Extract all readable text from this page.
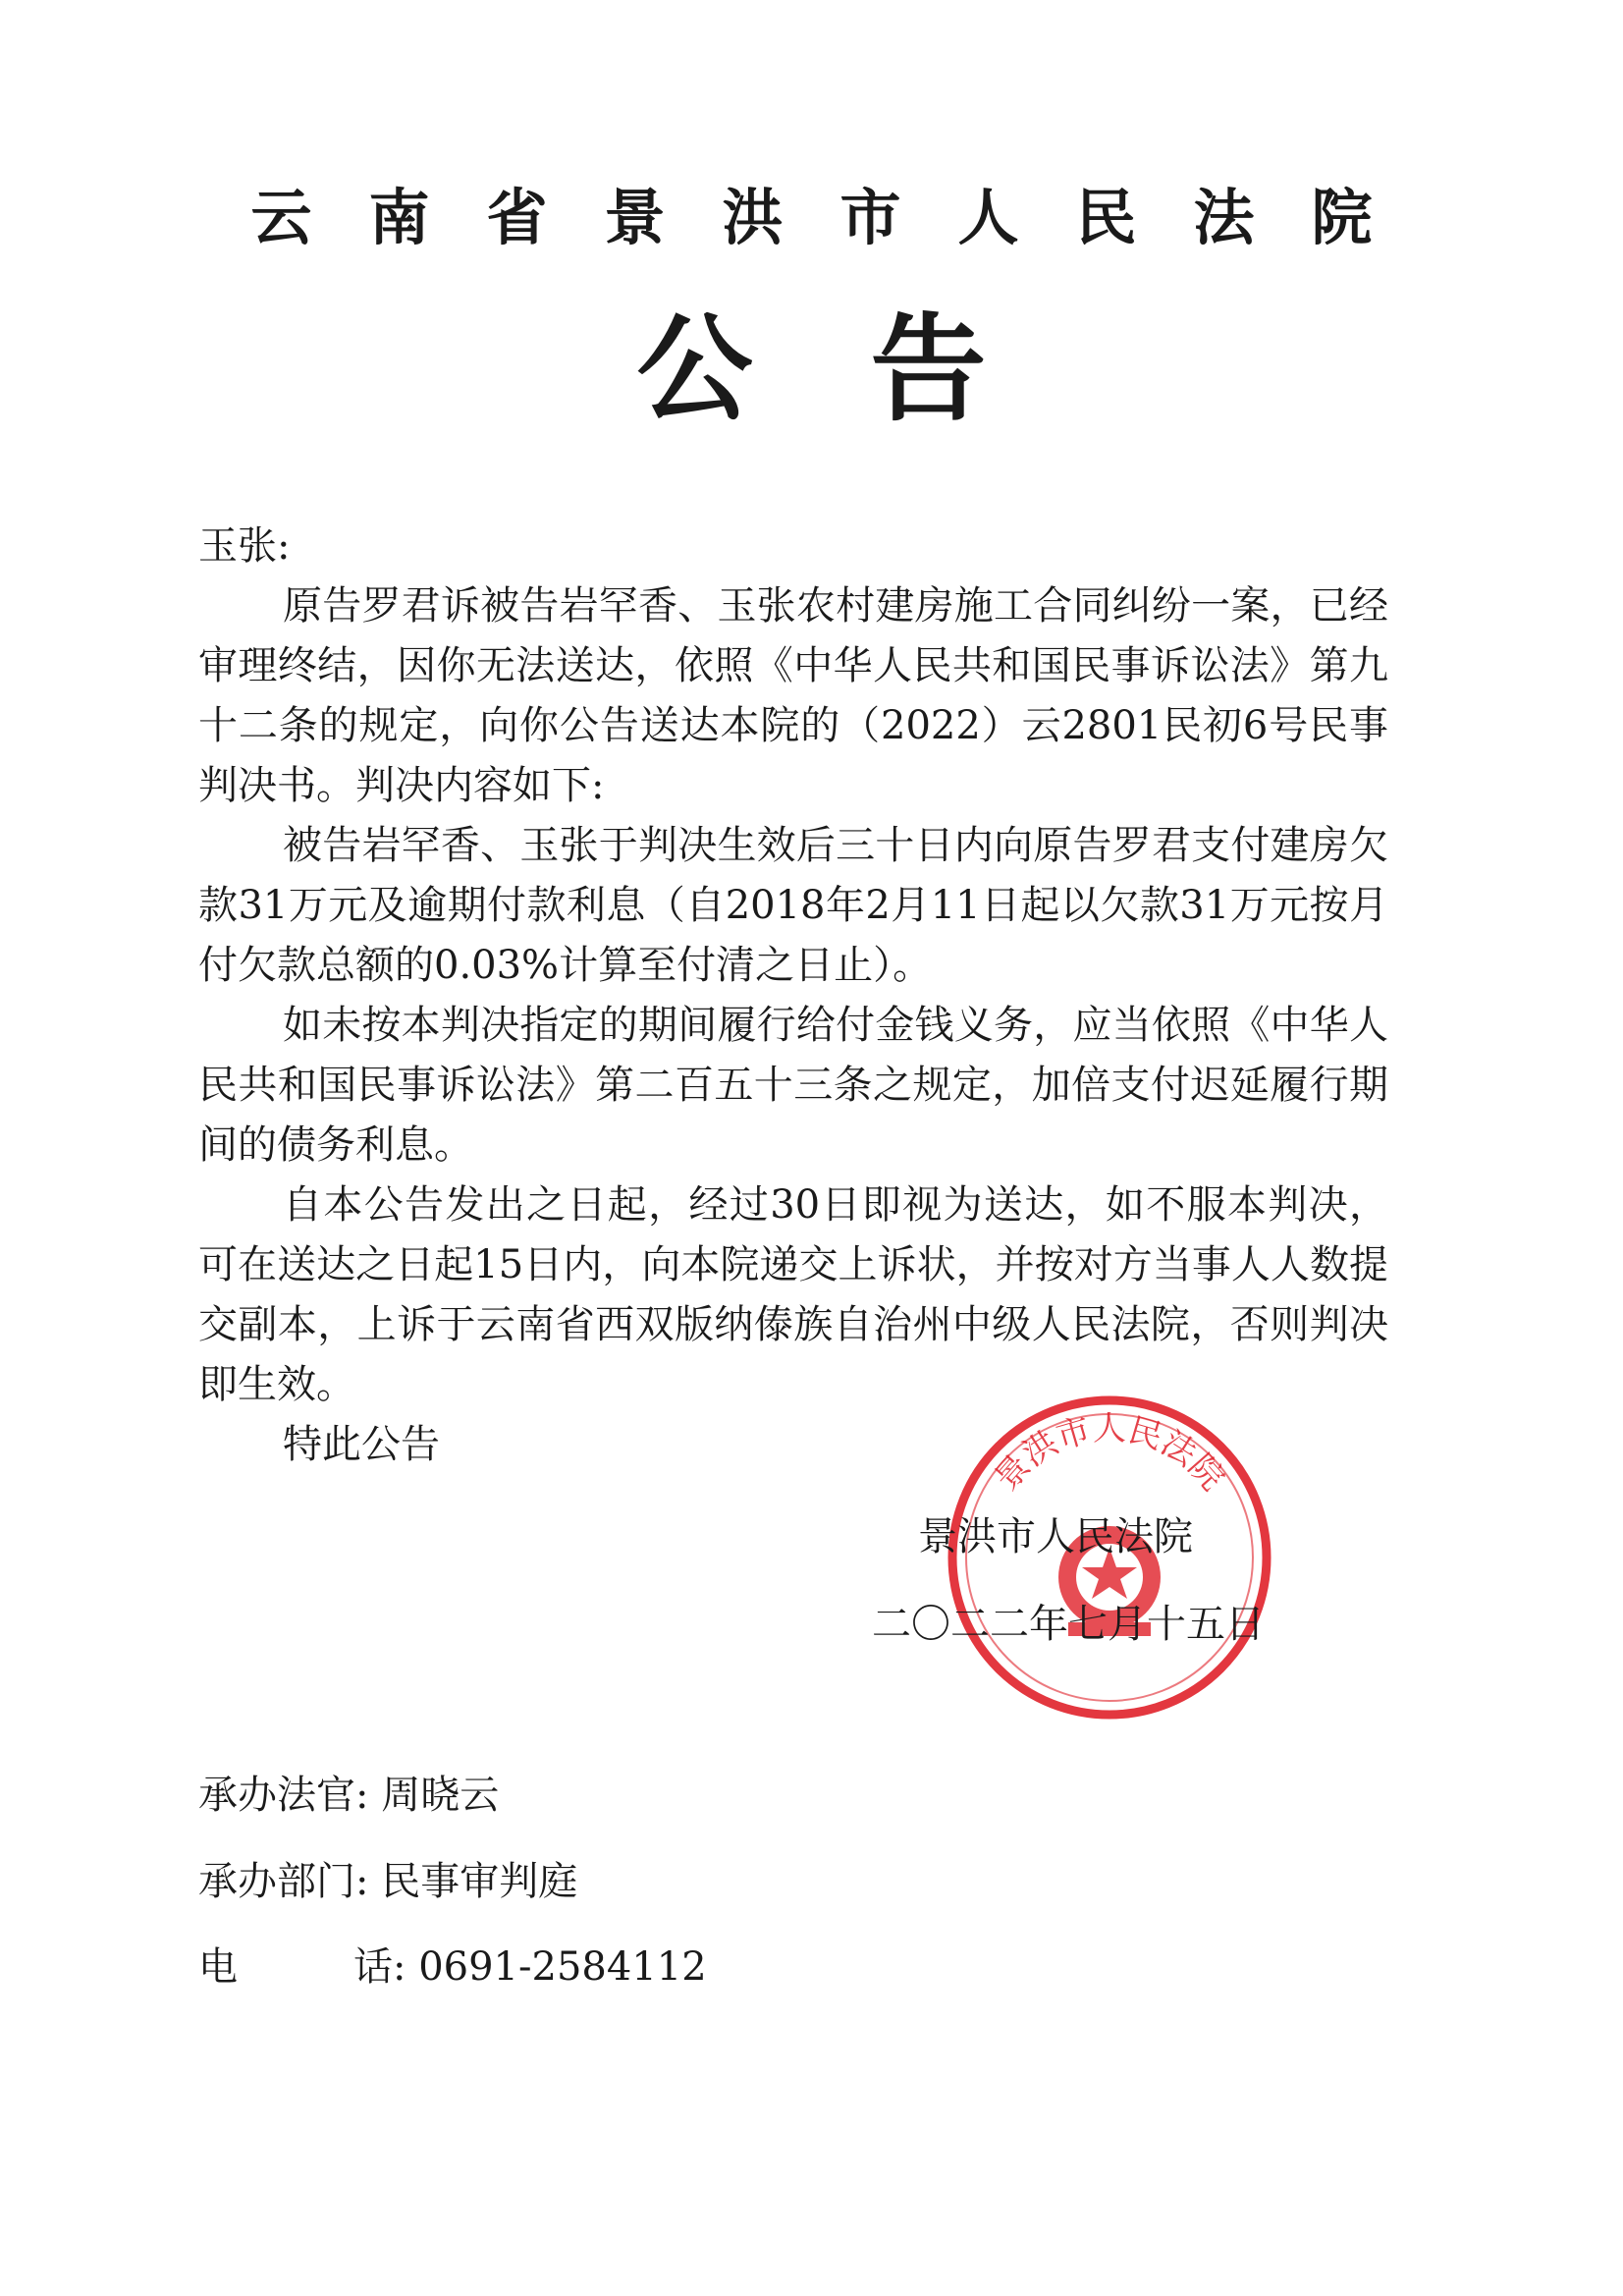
云南省景洪市人民法院
公告

玉张:

原告罗君诉被告岩罕香、玉张农村建房施工合同纠纷一案，已经审理终结，因你无法送达，依照《中华人民共和国民事诉讼法》第九十二条的规定，向你公告送达本院的（2022）云2801民初6号民事判决书。判决内容如下:

被告岩罕香、玉张于判决生效后三十日内向原告罗君支付建房欠款31万元及逾期付款利息（自2018年2月11日起以欠款31万元按月付欠款总额的0.03%计算至付清之日止）。

如未按本判决指定的期间履行给付金钱义务，应当依照《中华人民共和国民事诉讼法》第二百五十三条之规定，加倍支付迟延履行期间的债务利息。

自本公告发出之日起，经过30日即视为送达，如不服本判决，可在送达之日起15日内，向本院递交上诉状，并按对方当事人人数提交副本，上诉于云南省西双版纳傣族自治州中级人民法院，否则判决即生效。

特此公告

景洪市人民法院
景洪市人民法院
二〇二二年七月十五日
承办法官: 周晓云
承办部门: 民事审判庭
电	话: 0691-2584112
